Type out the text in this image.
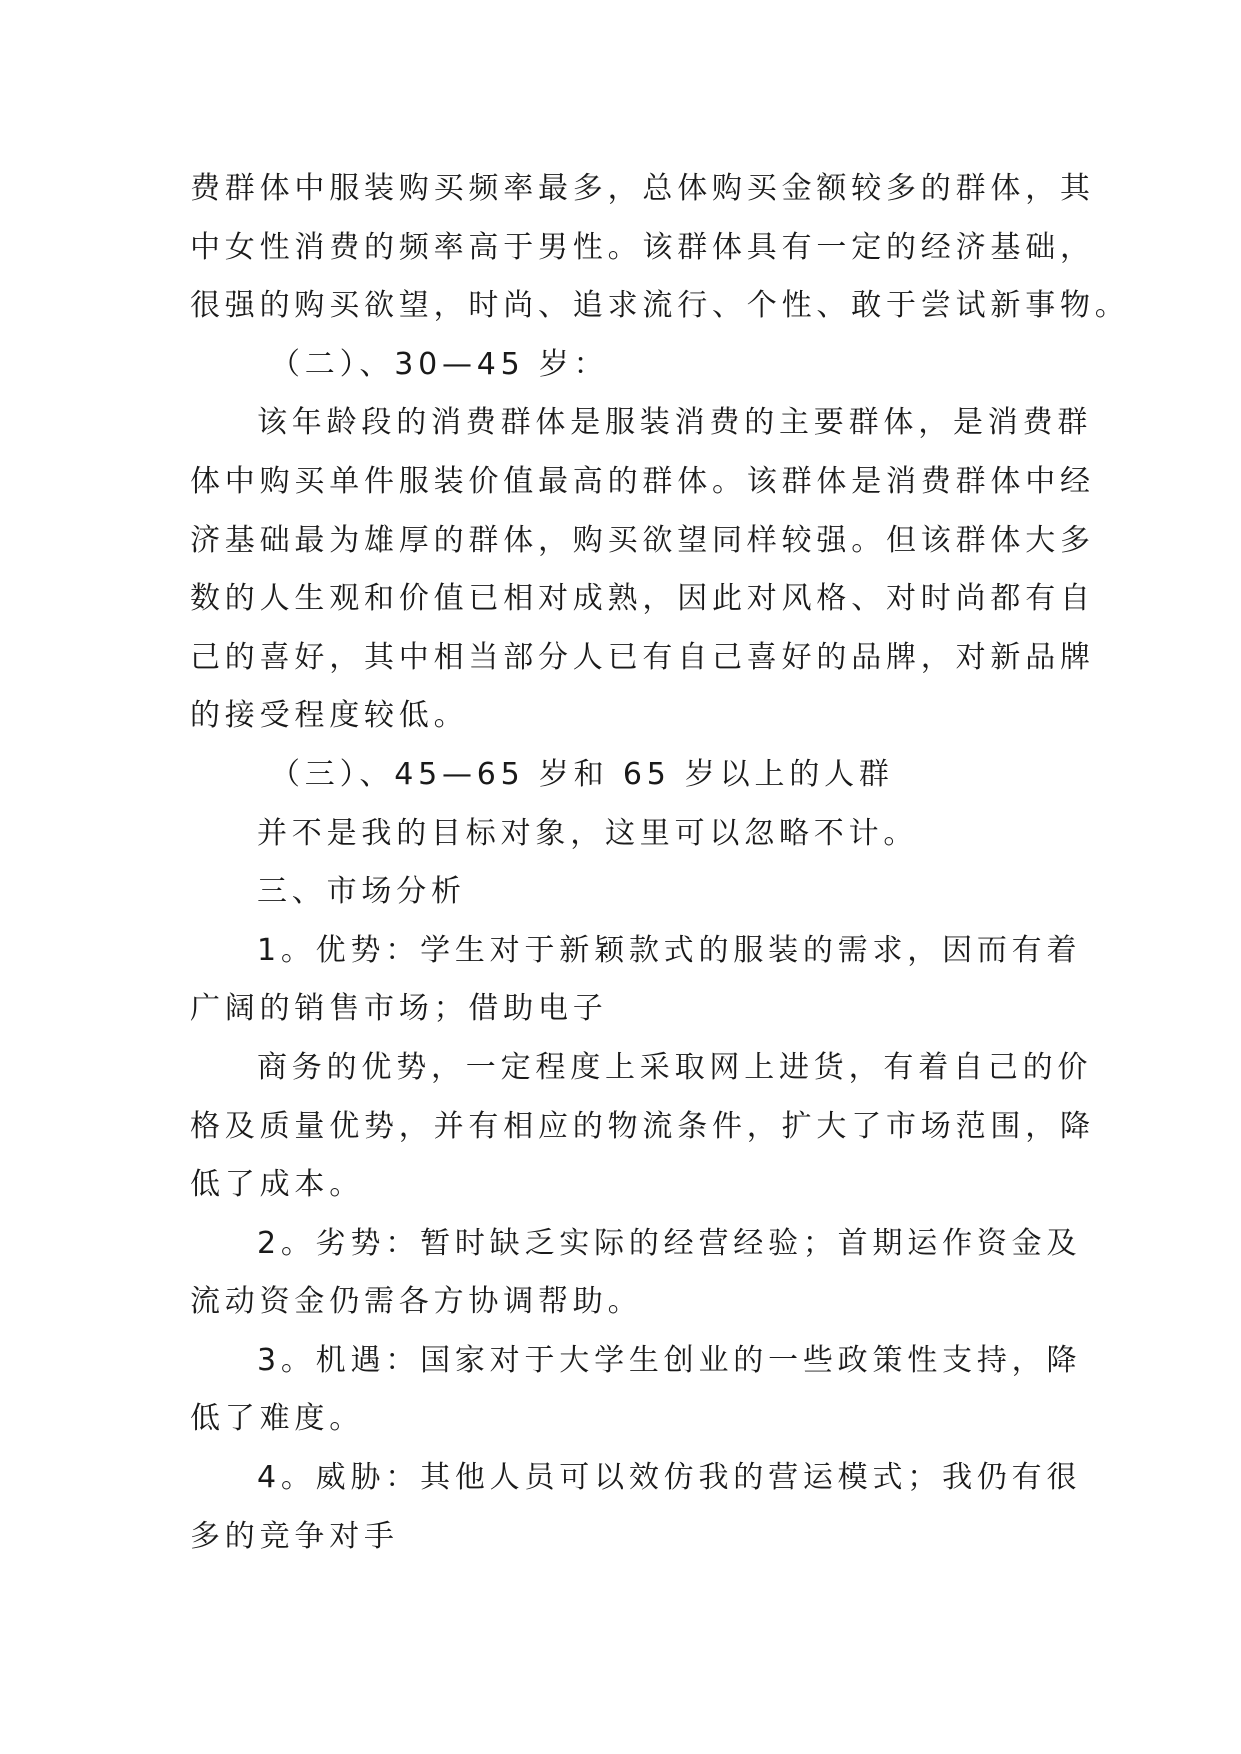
费群体中服装购买频率最多，总体购买金额较多的群体，其
中女性消费的频率高于男性。该群体具有一定的经济基础，
很强的购买欲望，时尚、追求流行、个性、敢于尝试新事物。
（二）、30—45 岁：
该年龄段的消费群体是服装消费的主要群体，是消费群
体中购买单件服装价值最高的群体。该群体是消费群体中经
济基础最为雄厚的群体，购买欲望同样较强。但该群体大多
数的人生观和价值已相对成熟，因此对风格、对时尚都有自
己的喜好，其中相当部分人已有自己喜好的品牌，对新品牌
的接受程度较低。
（三）、45—65 岁和 65 岁以上的人群
并不是我的目标对象，这里可以忽略不计。
三、市场分析
1。优势：学生对于新颖款式的服装的需求，因而有着
广阔的销售市场；借助电子
商务的优势，一定程度上采取网上进货，有着自己的价
格及质量优势，并有相应的物流条件，扩大了市场范围，降
低了成本。
2。劣势：暂时缺乏实际的经营经验；首期运作资金及
流动资金仍需各方协调帮助。
3。机遇：国家对于大学生创业的一些政策性支持，降
低了难度。
4。威胁：其他人员可以效仿我的营运模式；我仍有很
多的竞争对手
